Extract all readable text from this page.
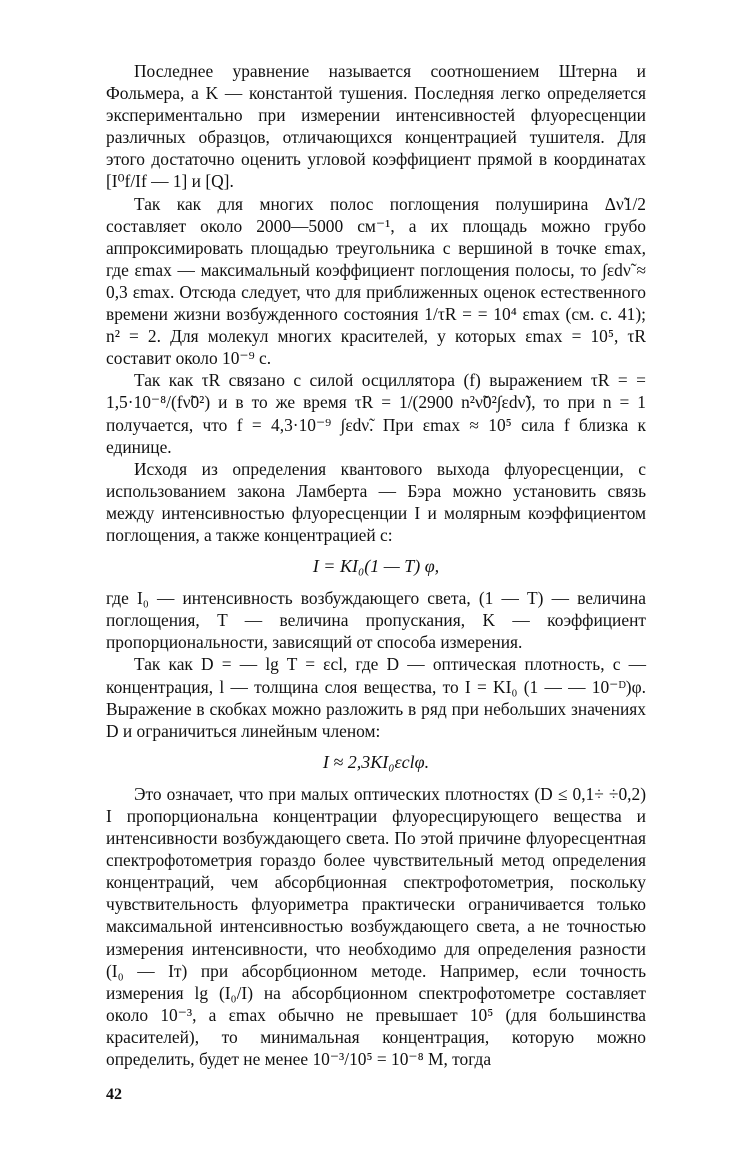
Последнее уравнение называется соотношением Штерна и Фольмера, а K — константой тушения. Последняя легко определяется экспериментально при измерении интенсивностей флуоресценции различных образцов, отличающихся концентрацией тушителя. Для этого достаточно оценить угловой коэффициент прямой в координатах [I⁰f/If — 1] и [Q].

Так как для многих полос поглощения полуширина Δν̃1/2 составляет около 2000—5000 см⁻¹, а их площадь можно грубо аппроксимировать площадью треугольника с вершиной в точке εmax, где εmax — максимальный коэффициент поглощения полосы, то ∫εdν̃ ≈ 0,3 εmax. Отсюда следует, что для приближенных оценок естественного времени жизни возбужденного состояния 1/τR = = 10⁴ εmax (см. с. 41); n² = 2. Для молекул многих красителей, у которых εmax = 10⁵, τR составит около 10⁻⁹ с.

Так как τR связано с силой осциллятора (f) выражением τR = = 1,5·10⁻⁸/(fν̃0²) и в то же время τR = 1/(2900 n²ν̃0²∫εdν̃), то при n = 1 получается, что f = 4,3·10⁻⁹ ∫εdν̃. При εmax ≈ 10⁵ сила f близка к единице.

Исходя из определения квантового выхода флуоресценции, с использованием закона Ламберта — Бэра можно установить связь между интенсивностью флуоресценции I и молярным коэффициентом поглощения, а также концентрацией c:

I = KI₀(1 — T) φ,

где I₀ — интенсивность возбуждающего света, (1 — T) — величина поглощения, T — величина пропускания, K — коэффициент пропорциональности, зависящий от способа измерения.

Так как D = — lg T = εcl, где D — оптическая плотность, c — концентрация, l — толщина слоя вещества, то I = KI₀ (1 — — 10⁻ᴰ)φ. Выражение в скобках можно разложить в ряд при небольших значениях D и ограничиться линейным членом:

I ≈ 2,3KI₀εclφ.

Это означает, что при малых оптических плотностях (D ≤ 0,1÷ ÷0,2) I пропорциональна концентрации флуоресцирующего вещества и интенсивности возбуждающего света. По этой причине флуоресцентная спектрофотометрия гораздо более чувствительный метод определения концентраций, чем абсорбционная спектрофотометрия, поскольку чувствительность флуориметра практически ограничивается только максимальной интенсивностью возбуждающего света, а не точностью измерения интенсивности, что необходимо для определения разности (I₀ — Iт) при абсорбционном методе. Например, если точность измерения lg (I₀/I) на абсорбционном спектрофотометре составляет около 10⁻³, а εmax обычно не превышает 10⁵ (для большинства красителей), то минимальная концентрация, которую можно определить, будет не менее 10⁻³/10⁵ = 10⁻⁸ М, тогда

42
